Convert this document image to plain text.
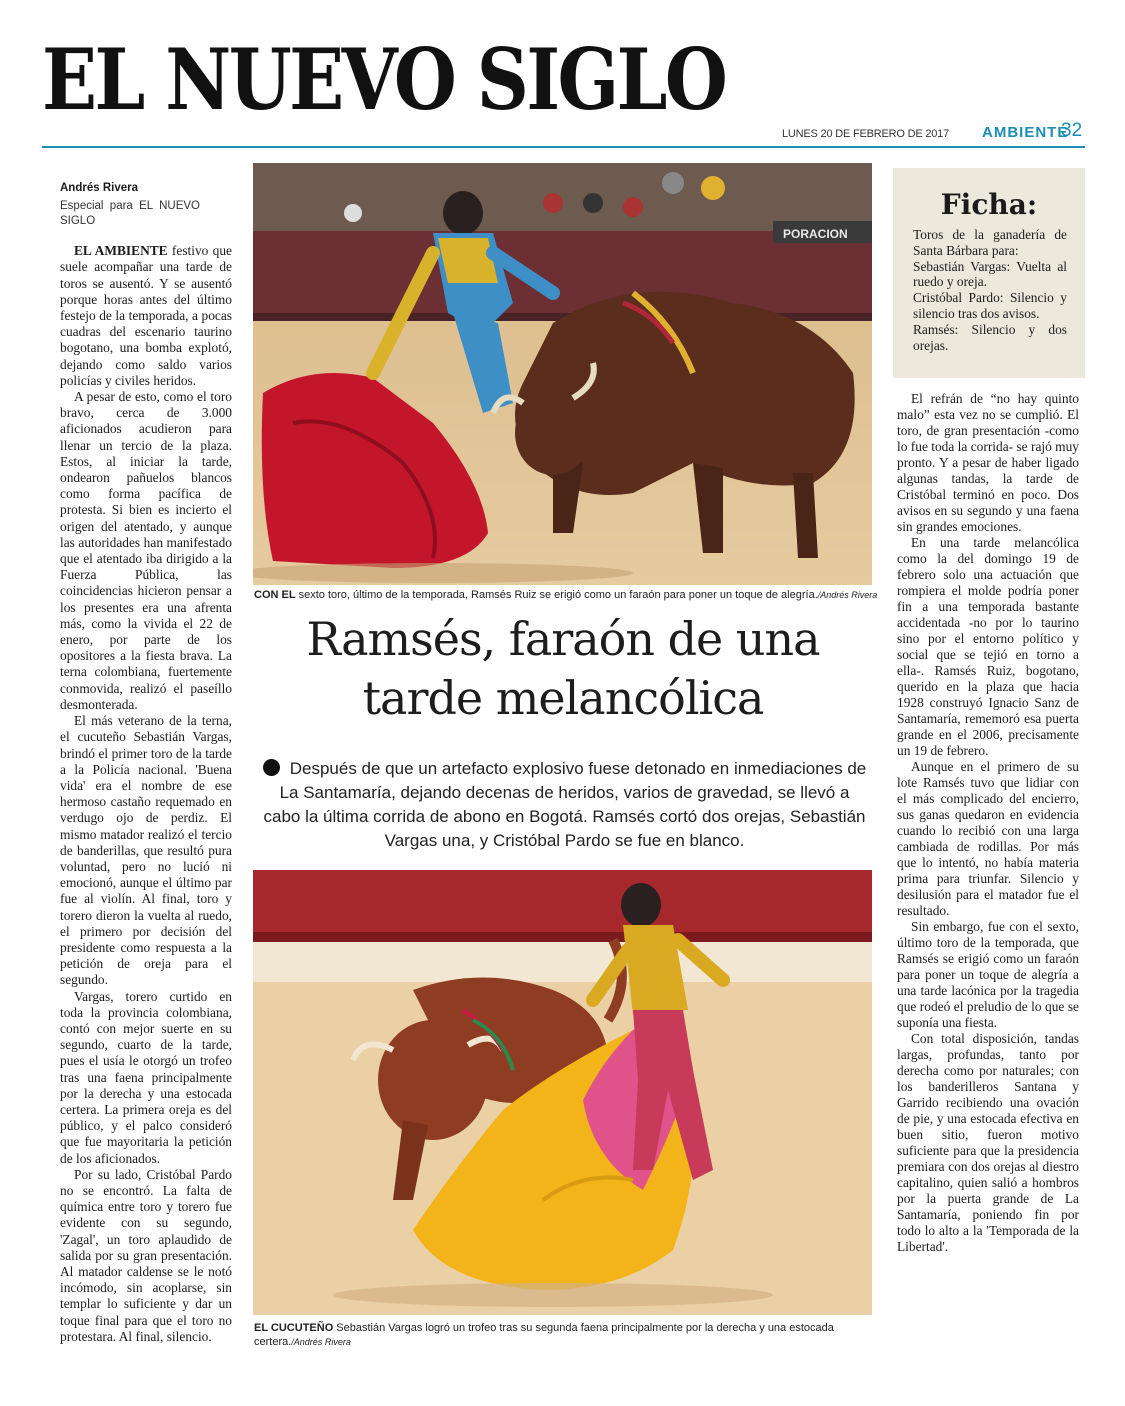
EL NUEVO SIGLO
LUNES 20 DE FEBRERO DE 2017 AMBIENTE
32
Andrés Rivera
Especial para EL NUEVO SIGLO

EL AMBIENTE festivo que suele acompañar una tarde de toros se ausentó. Y se ausentó porque horas antes del último festejo de la temporada, a pocas cuadras del escenario taurino bogotano, una bomba explotó, dejando como saldo varios policías y civiles heridos.

A pesar de esto, como el toro bravo, cerca de 3.000 aficionados acudieron para llenar un tercio de la plaza. Estos, al iniciar la tarde, ondearon pañuelos blancos como forma pacífica de protesta. Si bien es incierto el origen del atentado, y aunque las autoridades han manifestado que el atentado iba dirigido a la Fuerza Pública, las coincidencias hicieron pensar a los presentes era una afrenta más, como la vivida el 22 de enero, por parte de los opositores a la fiesta brava. La terna colombiana, fuertemente conmovida, realizó el paseíllo desmonterada.

El más veterano de la terna, el cucuteño Sebastián Vargas, brindó el primer toro de la tarde a la Policía nacional. 'Buena vida' era el nombre de ese hermoso castaño requemado en verdugo ojo de perdiz. El mismo matador realizó el tercio de banderillas, que resultó pura voluntad, pero no lució ni emocionó, aunque el último par fue al violín. Al final, toro y torero dieron la vuelta al ruedo, el primero por decisión del presidente como respuesta a la petición de oreja para el segundo.

Vargas, torero curtido en toda la provincia colombiana, contó con mejor suerte en su segundo, cuarto de la tarde, pues el usía le otorgó un trofeo tras una faena principalmente por la derecha y una estocada certera. La primera oreja es del público, y el palco consideró que fue mayoritaria la petición de los aficionados.

Por su lado, Cristóbal Pardo no se encontró. La falta de química entre toro y torero fue evidente con su segundo, 'Zagal', un toro aplaudido de salida por su gran presentación. Al matador caldense se le notó incómodo, sin acoplarse, sin templar lo suficiente y dar un toque final para que el toro no protestara. Al final, silencio.

PORACION
CON EL sexto toro, último de la temporada, Ramsés Ruiz se erigió como un faraón para poner un toque de alegría./Andrés Rivera
Ramsés, faraón de una
tarde melancólica
Después de que un artefacto explosivo fuese detonado en inmediaciones de La Santamaría, dejando decenas de heridos, varios de gravedad, se llevó a cabo la última corrida de abono en Bogotá. Ramsés cortó dos orejas, Sebastián Vargas una, y Cristóbal Pardo se fue en blanco.
EL CUCUTEÑO Sebastián Vargas logró un trofeo tras su segunda faena principalmente por la derecha y una estocada certera./Andrés Rivera
Ficha:
Toros de la ganadería de Santa Bárbara para:
Sebastián Vargas: Vuelta al ruedo y oreja.
Cristóbal Pardo: Silencio y silencio tras dos avisos.
Ramsés: Silencio y dos orejas.

El refrán de “no hay quinto malo” esta vez no se cumplió. El toro, de gran presentación -como lo fue toda la corrida- se rajó muy pronto. Y a pesar de haber ligado algunas tandas, la tarde de Cristóbal terminó en poco. Dos avisos en su segundo y una faena sin grandes emociones.

En una tarde melancólica como la del domingo 19 de febrero solo una actuación que rompiera el molde podría poner fin a una temporada bastante accidentada -no por lo taurino sino por el entorno político y social que se tejió en torno a ella-. Ramsés Ruiz, bogotano, querido en la plaza que hacia 1928 construyó Ignacio Sanz de Santamaría, rememoró esa puerta grande en el 2006, precisamente un 19 de febrero.

Aunque en el primero de su lote Ramsés tuvo que lidiar con el más complicado del encierro, sus ganas quedaron en evidencia cuando lo recibió con una larga cambiada de rodillas. Por más que lo intentó, no había materia prima para triunfar. Silencio y desilusión para el matador fue el resultado.

Sin embargo, fue con el sexto, último toro de la temporada, que Ramsés se erigió como un faraón para poner un toque de alegría a una tarde lacónica por la tragedia que rodeó el preludio de lo que se suponía una fiesta.

Con total disposición, tandas largas, profundas, tanto por derecha como por naturales; con los banderilleros Santana y Garrido recibiendo una ovación de pie, y una estocada efectiva en buen sitio, fueron motivo suficiente para que la presidencia premiara con dos orejas al diestro capitalino, quien salió a hombros por la puerta grande de La Santamaría, poniendo fin por todo lo alto a la 'Temporada de la Libertad'.
